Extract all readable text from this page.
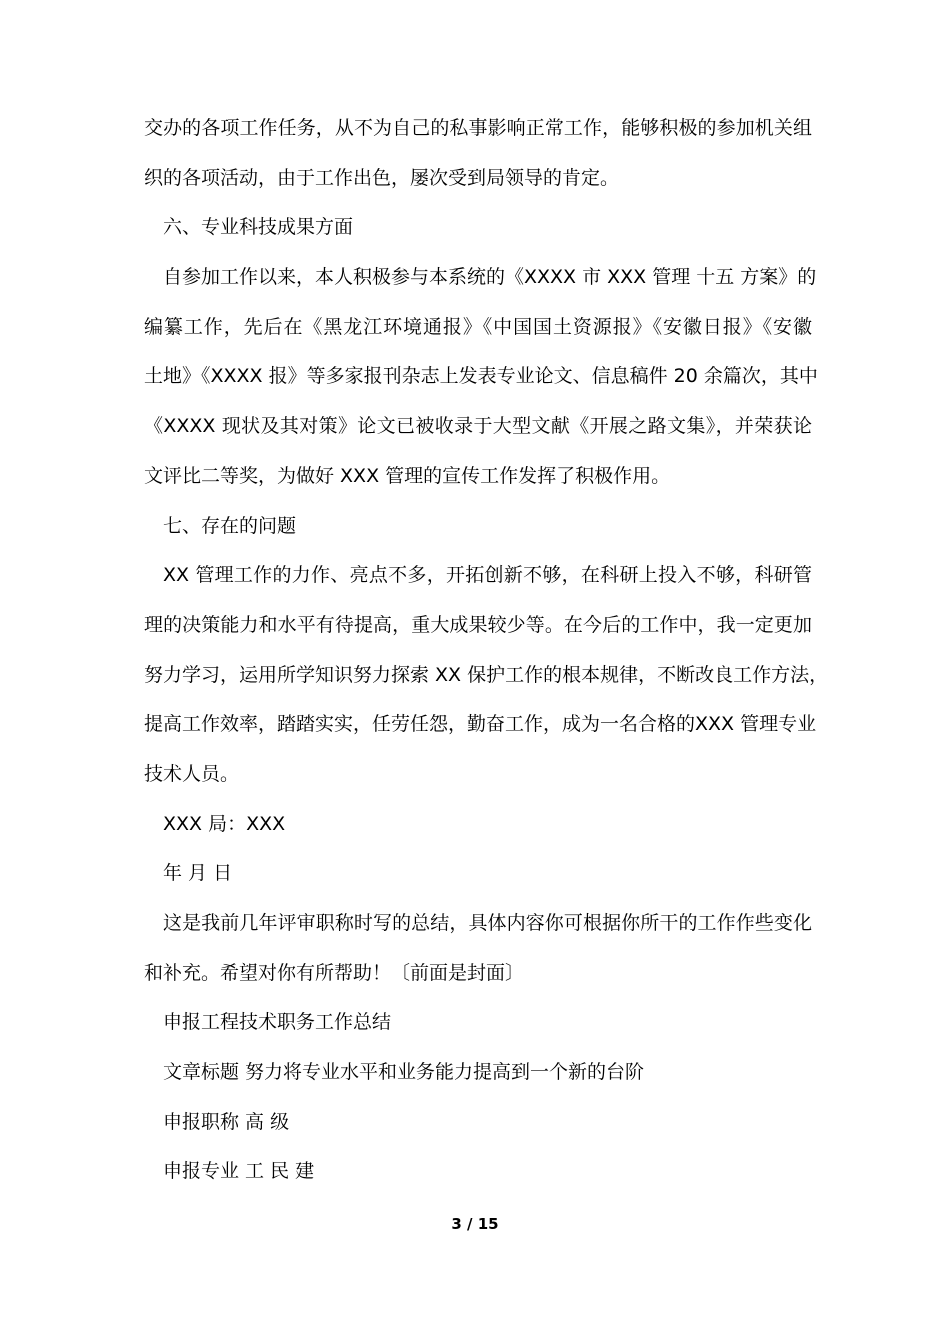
交办的各项工作任务，从不为自己的私事影响正常工作，能够积极的参加机关组
织的各项活动，由于工作出色，屡次受到局领导的肯定。
六、专业科技成果方面
自参加工作以来，本人积极参与本系统的《XXXX 市 XXX 管理 十五 方案》的
编纂工作，先后在《黑龙江环境通报》《中国国土资源报》《安徽日报》《安徽
土地》《XXXX 报》等多家报刊杂志上发表专业论文、信息稿件 20 余篇次，其中
《XXXX 现状及其对策》论文已被收录于大型文献《开展之路文集》，并荣获论
文评比二等奖，为做好 XXX 管理的宣传工作发挥了积极作用。
七、存在的问题
XX 管理工作的力作、亮点不多，开拓创新不够，在科研上投入不够，科研管
理的决策能力和水平有待提高，重大成果较少等。在今后的工作中，我一定更加
努力学习，运用所学知识努力探索 XX 保护工作的根本规律，不断改良工作方法，
提高工作效率，踏踏实实，任劳任怨，勤奋工作，成为一名合格的XXX 管理专业
技术人员。
XXX 局：XXX
年 月 日
这是我前几年评审职称时写的总结，具体内容你可根据你所干的工作作些变化
和补充。希望对你有所帮助！〔前面是封面〕
申报工程技术职务工作总结
文章标题 努力将专业水平和业务能力提高到一个新的台阶
申报职称 高 级
申报专业 工 民 建
3 / 15
